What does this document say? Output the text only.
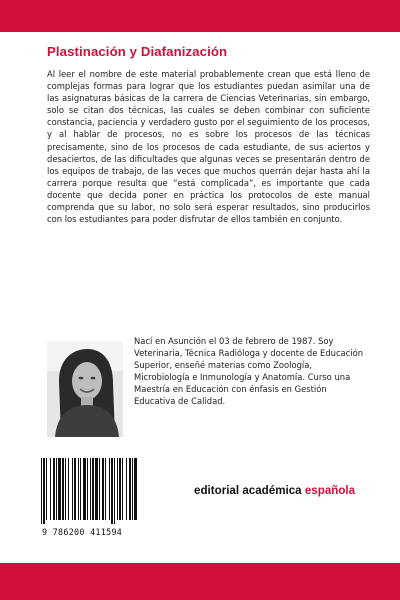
Plastinación y Diafanización

Al leer el nombre de este material probablemente crean que está lleno de complejas formas para lograr que los estudiantes puedan asimilar una de las asignaturas básicas de la carrera de Ciencias Veterinarias, sin embargo, solo se citan dos técnicas, las cuales se deben combinar con suficiente constancia, paciencia y verdadero gusto por el seguimiento de los procesos, y al hablar de procesos, no es sobre los procesos de las técnicas precisamente, sino de los procesos de cada estudiante, de sus aciertos y desaciertos, de las dificultades que algunas veces se presentarán dentro de los equipos de trabajo, de las veces que muchos querrán dejar hasta ahí la carrera porque resulta que “está complicada”, es importante que cada docente que decida poner en práctica los protocolos de este manual comprenda que su labor, no solo será esperar resultados, sino producirlos con los estudiantes para poder disfrutar de ellos también en conjunto.

Nací en Asunción el 03 de febrero de 1987. Soy Veterinaria, Técnica Radióloga y docente de Educación Superior, enseñé materias como Zoología, Microbiología e Inmunología y Anatomía. Curso una Maestría en Educación con énfasis en Gestión Educativa de Calidad.

9 786200 411594
editorial académica española
